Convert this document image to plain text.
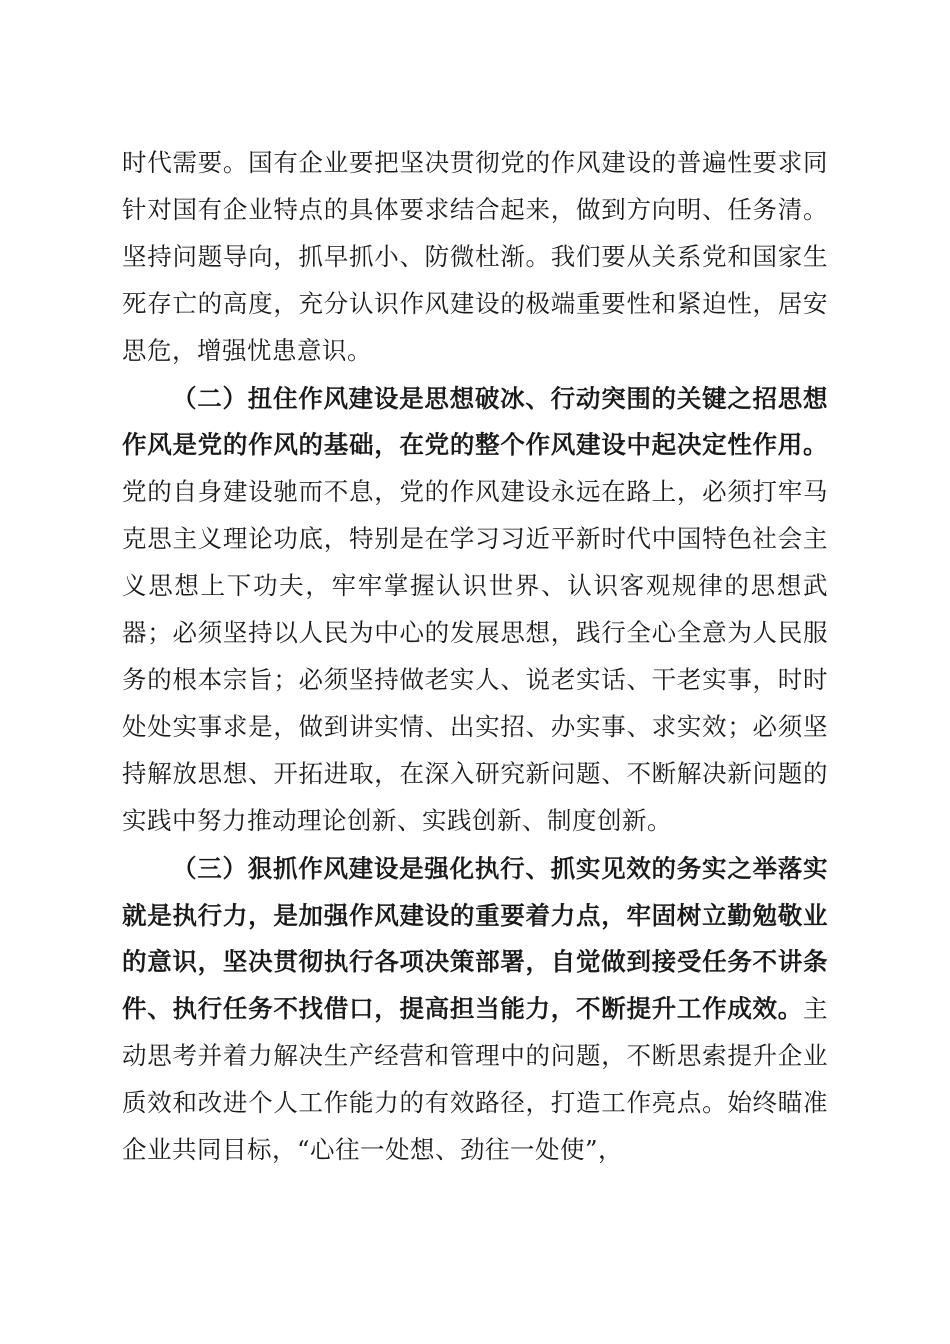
时代需要。国有企业要把坚决贯彻党的作风建设的普遍性要求同针对国有企业特点的具体要求结合起来，做到方向明、任务清。坚持问题导向，抓早抓小、防微杜渐。我们要从关系党和国家生死存亡的高度，充分认识作风建设的极端重要性和紧迫性，居安思危，增强忧患意识。

（二）扭住作风建设是思想破冰、行动突围的关键之招思想作风是党的作风的基础，在党的整个作风建设中起决定性作用。党的自身建设驰而不息，党的作风建设永远在路上，必须打牢马克思主义理论功底，特别是在学习习近平新时代中国特色社会主义思想上下功夫，牢牢掌握认识世界、认识客观规律的思想武器；必须坚持以人民为中心的发展思想，践行全心全意为人民服务的根本宗旨；必须坚持做老实人、说老实话、干老实事，时时处处实事求是，做到讲实情、出实招、办实事、求实效；必须坚持解放思想、开拓进取，在深入研究新问题、不断解决新问题的实践中努力推动理论创新、实践创新、制度创新。

（三）狠抓作风建设是强化执行、抓实见效的务实之举落实就是执行力，是加强作风建设的重要着力点，牢固树立勤勉敬业的意识，坚决贯彻执行各项决策部署，自觉做到接受任务不讲条件、执行任务不找借口，提高担当能力，不断提升工作成效。主动思考并着力解决生产经营和管理中的问题，不断思索提升企业质效和改进个人工作能力的有效路径，打造工作亮点。始终瞄准企业共同目标，“心往一处想、劲往一处使”，
